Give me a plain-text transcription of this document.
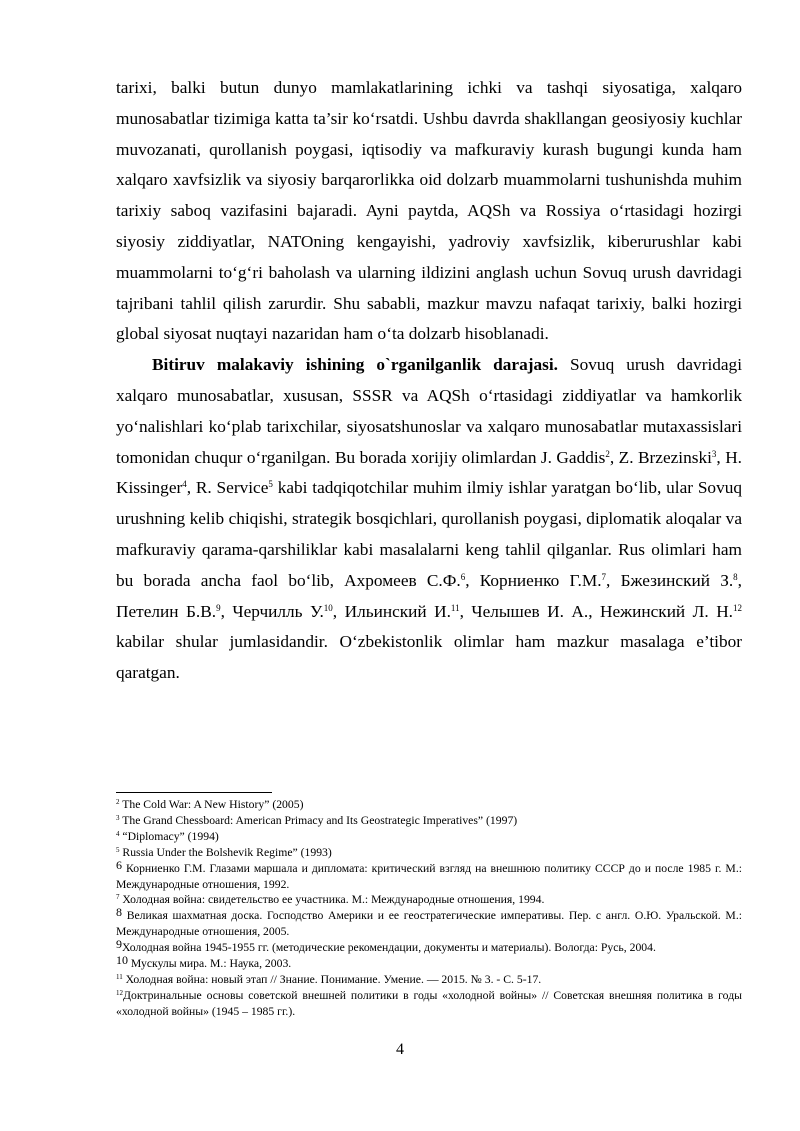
tarixi, balki butun dunyo mamlakatlarining ichki va tashqi siyosatiga, xalqaro munosabatlar tizimiga katta ta’sir ko‘rsatdi. Ushbu davrda shakllangan geosiyosiy kuchlar muvozanati, qurollanish poygasi, iqtisodiy va mafkuraviy kurash bugungi kunda ham xalqaro xavfsizlik va siyosiy barqarorlikka oid dolzarb muammolarni tushunishda muhim tarixiy saboq vazifasini bajaradi. Ayni paytda, AQSh va Rossiya o‘rtasidagi hozirgi siyosiy ziddiyatlar, NATOning kengayishi, yadroviy xavfsizlik, kiberurushlar kabi muammolarni to‘g‘ri baholash va ularning ildizini anglash uchun Sovuq urush davridagi tajribani tahlil qilish zarurdir. Shu sababli, mazkur mavzu nafaqat tarixiy, balki hozirgi global siyosat nuqtayi nazaridan ham o‘ta dolzarb hisoblanadi.

Bitiruv malakaviy ishining o`rganilganlik darajasi. Sovuq urush davridagi xalqaro munosabatlar, xususan, SSSR va AQSh o‘rtasidagi ziddiyatlar va hamkorlik yo‘nalishlari ko‘plab tarixchilar, siyosatshunoslar va xalqaro munosabatlar mutaxassislari tomonidan chuqur o‘rganilgan. Bu borada xorijiy olimlardan J. Gaddis$^2$, Z. Brzezinski$^3$, H. Kissinger$^4$, R. Service$^5$ kabi tadqiqotchilar muhim ilmiy ishlar yaratgan bo‘lib, ular Sovuq urushning kelib chiqishi, strategik bosqichlari, qurollanish poygasi, diplomatik aloqalar va mafkuraviy qarama-qarshiliklar kabi masalalarni keng tahlil qilganlar. Rus olimlari ham bu borada ancha faol bo‘lib, Ахромеев С.Ф.$^6$, Корниенко Г.М.$^7$, Бжезинский З.$^8$, Петелин Б.В.$^9$, Черчилль У.$^{10}$, Ильинский И.$^{11}$, Челышев И. А., Нежинский Л. Н.$^{12}$ kabilar shular jumlasidandir. O‘zbekistonlik olimlar ham mazkur masalaga e’tibor qaratgan.

$^2$ The Cold War: A New History” (2005)

$^3$ The Grand Chessboard: American Primacy and Its Geostrategic Imperatives” (1997)

$^4$ “Diplomacy” (1994)

$^5$ Russia Under the Bolshevik Regime” (1993)

$^6$ Корниенко Г.М. Глазами маршала и дипломата: критический взгляд на внешнюю политику СССР до и после 1985 г. М.: Международные отношения, 1992.

$^7$ Холодная война: свидетельство ее участника. М.: Международные отношения, 1994.

$^8$ Великая шахматная доска. Господство Америки и ее геостратегические императивы. Пер. с англ. О.Ю. Уральской. М.: Международные отношения, 2005.

$^9$Холодная война 1945-1955 гг. (методические рекомендации, документы и материалы). Вологда: Русь, 2004.

$^{10}$ Мускулы мира. М.: Наука, 2003.

$^{11}$ Холодная война: новый этап // Знание. Понимание. Умение. — 2015. № 3. - С. 5-17.

$^{12}$Доктринальные основы советской внешней политики в годы «холодной войны» // Советская внешняя политика в годы «холодной войны» (1945 – 1985 гг.).

4
